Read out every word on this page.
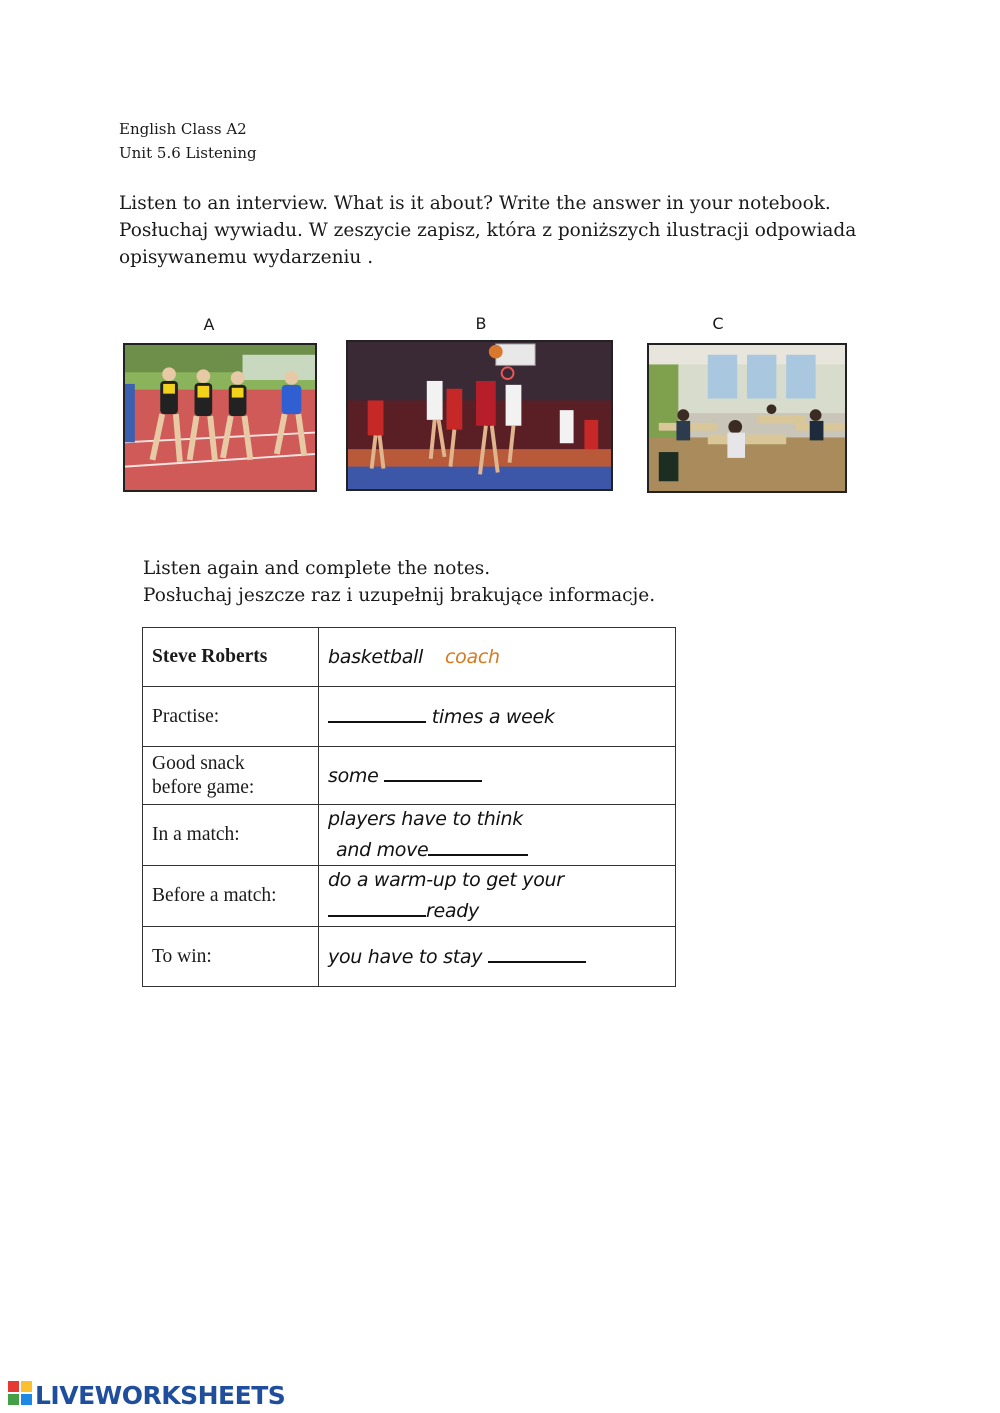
English Class A2
Unit 5.6 Listening
Listen to an interview. What is it about? Write the answer in your notebook.
Posłuchaj wywiadu. W zeszycie zapisz, która z poniższych ilustracji odpowiada
opisywanemu wydarzeniu .
A	B	C
Listen again and complete the notes.
Posłuchaj jeszcze raz i uzupełnij brakujące informacje.
Steve Roberts	basketball coach
Practise:	times a week

Good snack
before game:	some
In a match:	players have to think
and move

Before a match:	do a warm-up to get your
ready

To win:	you have to stay
LIVEWORKSHEETS
